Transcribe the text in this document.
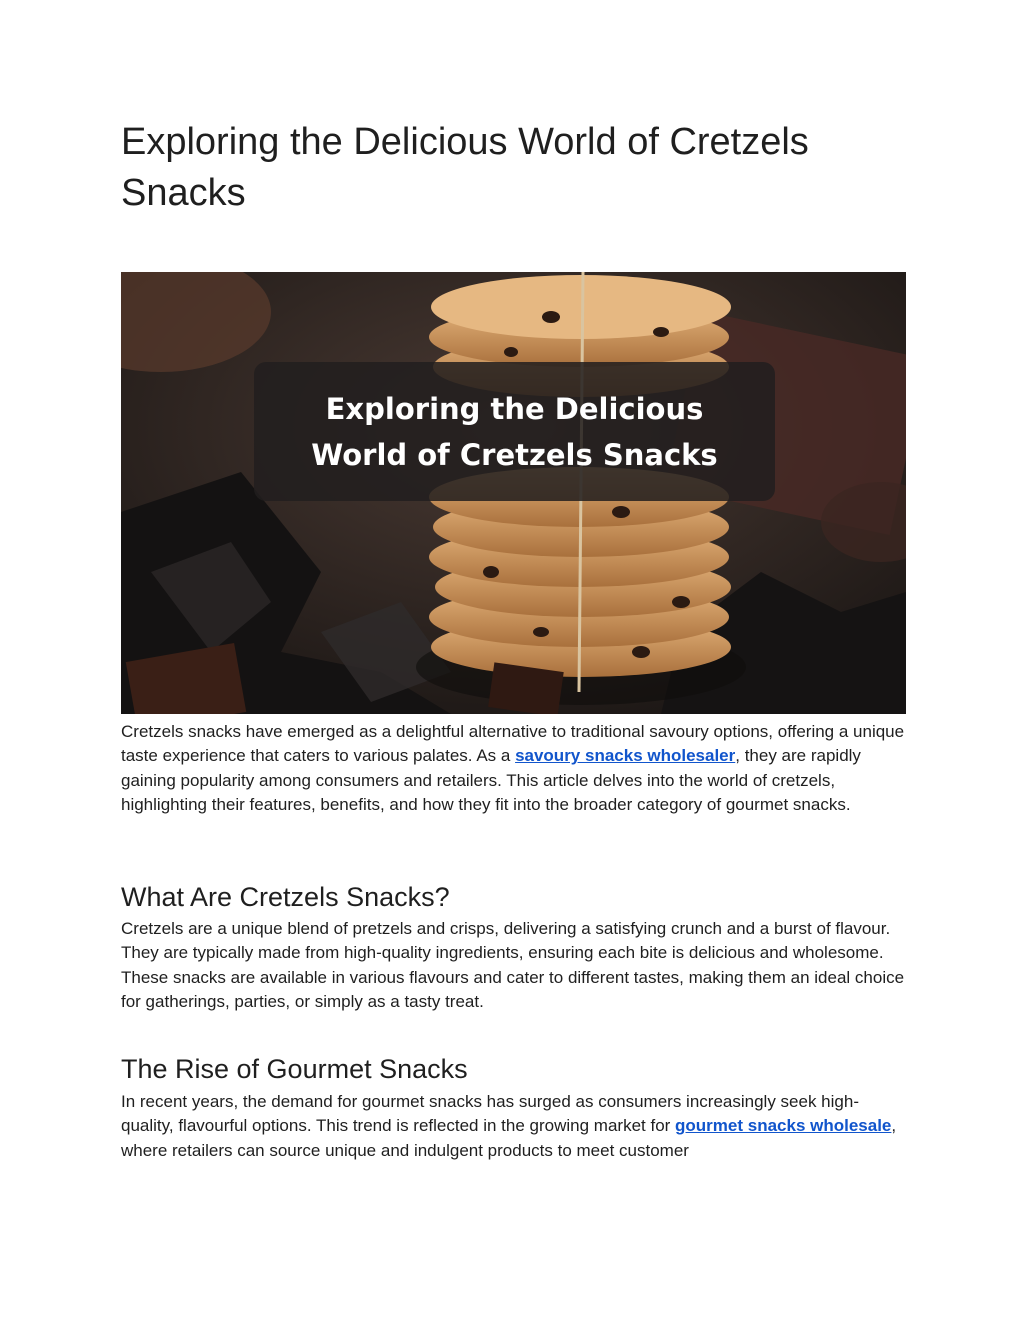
Exploring the Delicious World of Cretzels Snacks
Exploring the Delicious World of Cretzels Snacks

Cretzels snacks have emerged as a delightful alternative to traditional savoury options, offering a unique taste experience that caters to various palates. As a savoury snacks wholesaler, they are rapidly gaining popularity among consumers and retailers. This article delves into the world of cretzels, highlighting their features, benefits, and how they fit into the broader category of gourmet snacks.

What Are Cretzels Snacks?

Cretzels are a unique blend of pretzels and crisps, delivering a satisfying crunch and a burst of flavour. They are typically made from high-quality ingredients, ensuring each bite is delicious and wholesome. These snacks are available in various flavours and cater to different tastes, making them an ideal choice for gatherings, parties, or simply as a tasty treat.

The Rise of Gourmet Snacks

In recent years, the demand for gourmet snacks has surged as consumers increasingly seek high-quality, flavourful options. This trend is reflected in the growing market for gourmet snacks wholesale, where retailers can source unique and indulgent products to meet customer
